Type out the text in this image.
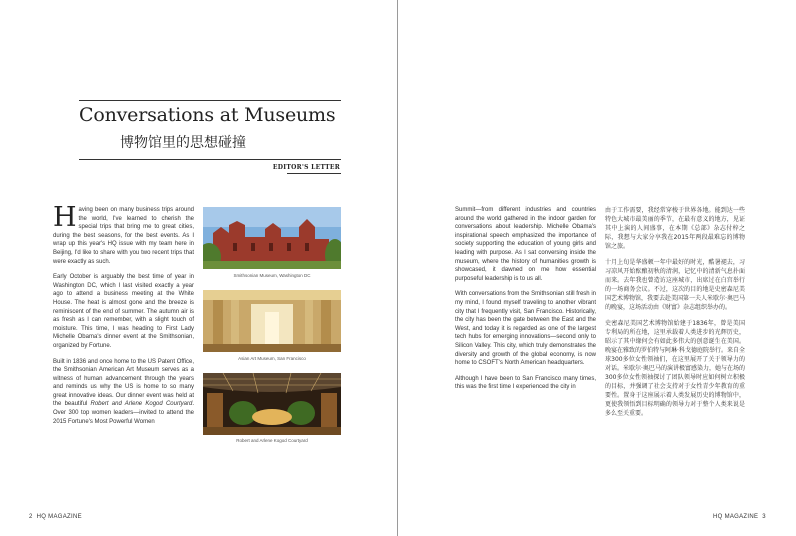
Conversations at Museums
博物馆里的思想碰撞
EDITOR'S LETTER

Having been on many business trips around the world, I've learned to cherish the special trips that bring me to great cities, during the best seasons, for the best events. As I wrap up this year's HQ issue with my team here in Beijing, I'd like to share with you two recent trips that were exactly as such.

Early October is arguably the best time of year in Washington DC, which I last visited exactly a year ago to attend a business meeting at the White House. The heat is almost gone and the breeze is reminiscent of the end of summer. The autumn air is as fresh as I can remember, with a slight touch of moisture. This time, I was heading to First Lady Michelle Obama's dinner event at the Smithsonian, organized by Fortune.

Built in 1836 and once home to the US Patent Office, the Smithsonian American Art Museum serves as a witness of human advancement through the years and reminds us why the US is home to so many great innovative ideas. Our dinner event was held at the beautiful Robert and Arlene Kogod Courtyard. Over 300 top women leaders—invited to attend the 2015 Fortune's Most Powerful Women

Smithsonian Museum, Washington DC
Asian Art Museum, San Francisco
Robert and Arlene Kogod Courtyard
2 HQ MAGAZINE

Summit—from different industries and countries around the world gathered in the indoor garden for conversations about leadership. Michelle Obama's inspirational speech emphasized the importance of society supporting the education of young girls and leading with purpose. As I sat conversing inside the museum, where the history of humanities growth is showcased, it dawned on me how essential purposeful leadership is to us all.

With conversations from the Smithsonian still fresh in my mind, I found myself traveling to another vibrant city that I frequently visit, San Francisco. Historically, the city has been the gate between the East and the West, and today it is regarded as one of the largest tech hubs for emerging innovations—second only to Silicon Valley. This city, which truly demonstrates the diversity and growth of the global economy, is now home to CSOFT's North American headquarters.

Although I have been to San Francisco many times, this was the first time I experienced the city in

由于工作需要，我经常穿梭于世界各地。能到达一些特色大城市最美丽的季节，在最有意义的地方，见证其中上演的人间盛事，在本期《总部》杂志付梓之际，我想与大家分享我在2015年两段最难忘的博物馆之旅。

十月上旬是华盛顿一年中最好的时光，酷暑褪去，习习凉风开始酝酿初秋的清润，记忆中的清新气息扑面而来。去年我也曾造访这座城市，出席过在白宫举行的一场商务会议。不过，这次的目的地是史密森尼美国艺术博物馆，我要去赴美国第一夫人米歇尔·奥巴马的晚宴，这场活动由《财富》杂志组织举办的。

史密森尼美国艺术博物馆始建于1836年，曾是美国专利局的所在地，这里承载着人类进步的光辉历史，昭示了其中缘何会有如此多伟大的创意诞生在美国。晚宴在雅致的罗伯特与阿琳·科戈德庭院举行。来自全球300多位女性领袖们，在这里展开了关于领导力的对话。米歇尔·奥巴马的演讲极富感染力，她与在场的300多位女性领袖探讨了团队领导时应如何树立积极的目标，并强调了社会支持对于女性青少年教育的重要性。置身于这座展示着人类发展历史的博物馆中，更使我领悟到目标明确的领导力对于整个人类来说是多么至关重要。

HQ MAGAZINE 3
